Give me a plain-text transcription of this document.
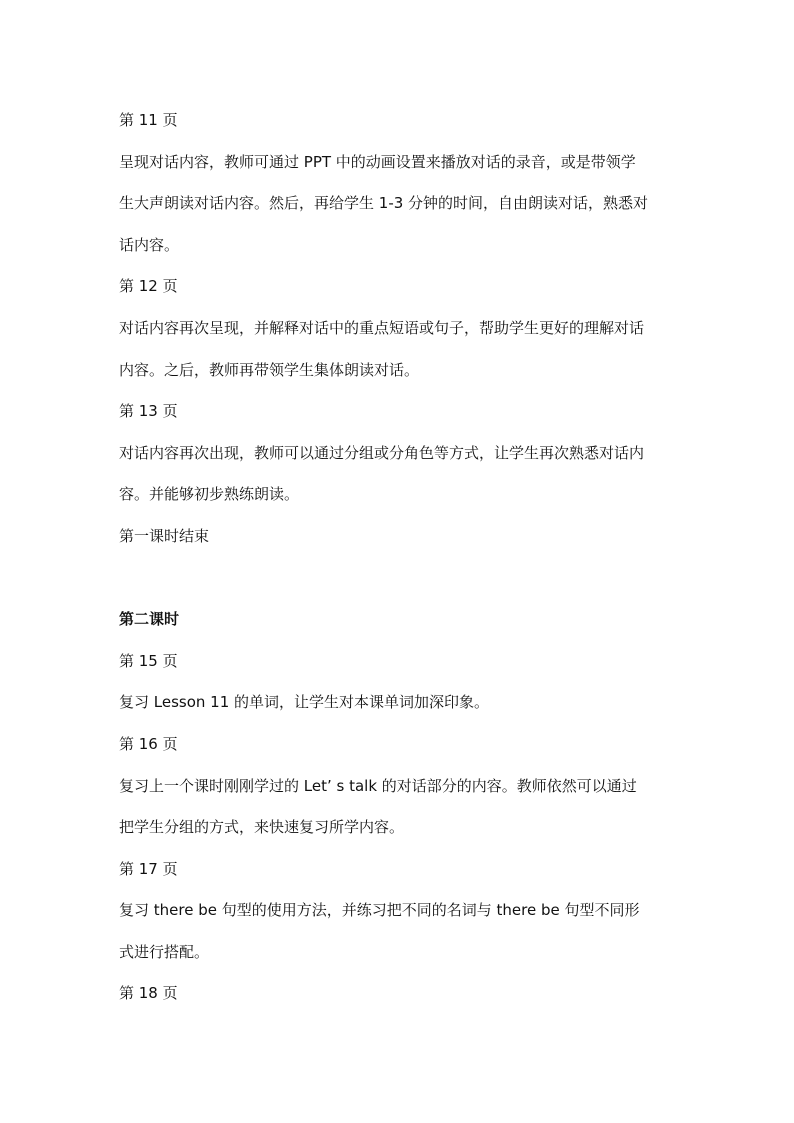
第 11 页
呈现对话内容，教师可通过 PPT 中的动画设置来播放对话的录音，或是带领学
生大声朗读对话内容。然后，再给学生 1-3 分钟的时间，自由朗读对话，熟悉对
话内容。
第 12 页
对话内容再次呈现，并解释对话中的重点短语或句子，帮助学生更好的理解对话
内容。之后，教师再带领学生集体朗读对话。
第 13 页
对话内容再次出现，教师可以通过分组或分角色等方式，让学生再次熟悉对话内
容。并能够初步熟练朗读。
第一课时结束
第二课时
第 15 页
复习 Lesson 11 的单词，让学生对本课单词加深印象。
第 16 页
复习上一个课时刚刚学过的 Let’ s talk 的对话部分的内容。教师依然可以通过
把学生分组的方式，来快速复习所学内容。
第 17 页
复习 there be 句型的使用方法，并练习把不同的名词与 there be 句型不同形
式进行搭配。
第 18 页
